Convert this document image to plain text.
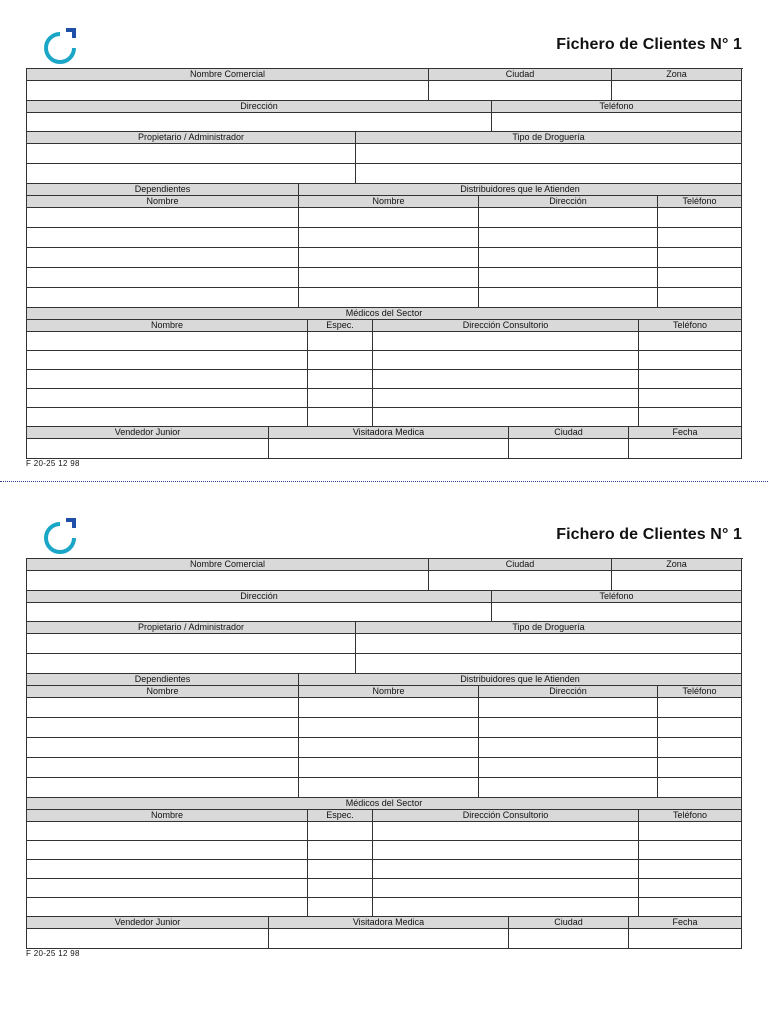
Fichero de Clientes N° 1
Nombre Comercial	Ciudad	Zona
Dirección	Teléfono
Propietario / Administrador	Tipo de Droguería
Dependientes	Distribuidores que le Atienden
Nombre	Nombre	Dirección	Teléfono
Médicos del Sector
Nombre	Espec.	Dirección Consultorio	Teléfono
Vendedor Junior	Visitadora Medica	Ciudad	Fecha
F 20-25 12 98
Fichero de Clientes N° 1
Nombre Comercial	Ciudad	Zona
Dirección	Teléfono
Propietario / Administrador	Tipo de Droguería
Dependientes	Distribuidores que le Atienden
Nombre	Nombre	Dirección	Teléfono
Médicos del Sector
Nombre	Espec.	Dirección Consultorio	Teléfono
Vendedor Junior	Visitadora Medica	Ciudad	Fecha
F 20-25 12 98
